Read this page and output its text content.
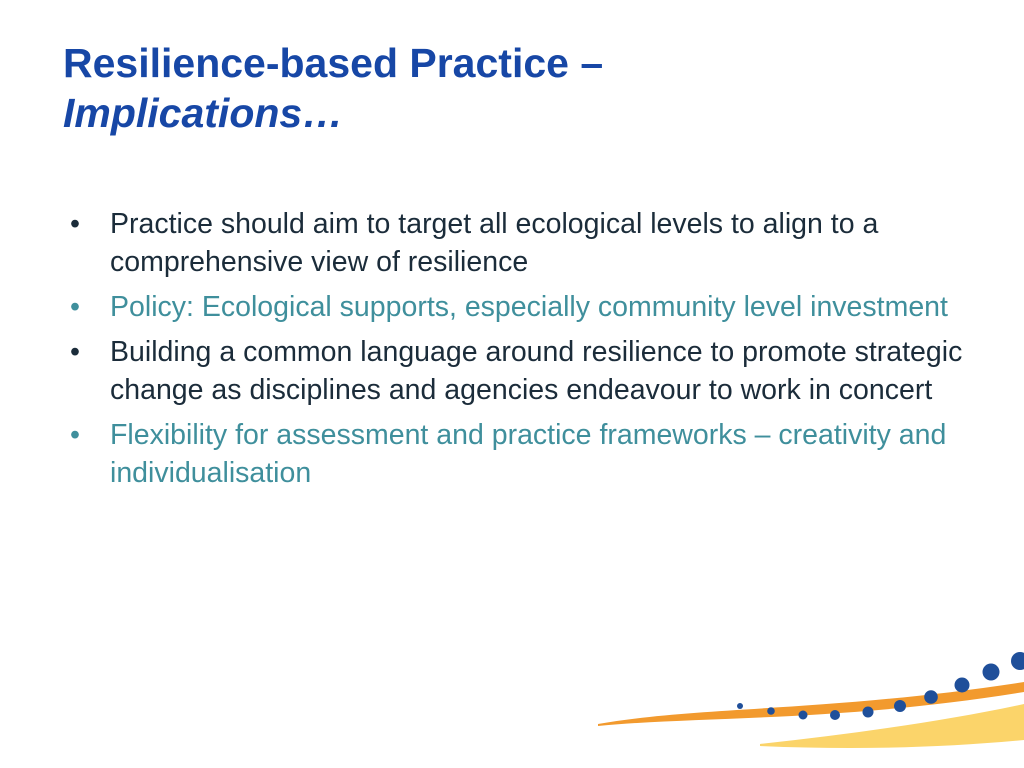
Resilience-based Practice –
Implications…
• Practice should aim to target all ecological levels to align to a comprehensive view of resilience
• Policy: Ecological supports, especially community level investment
• Building a common language around resilience to promote strategic change as disciplines and agencies endeavour to work in concert
• Flexibility for assessment and practice frameworks – creativity and individualisation
